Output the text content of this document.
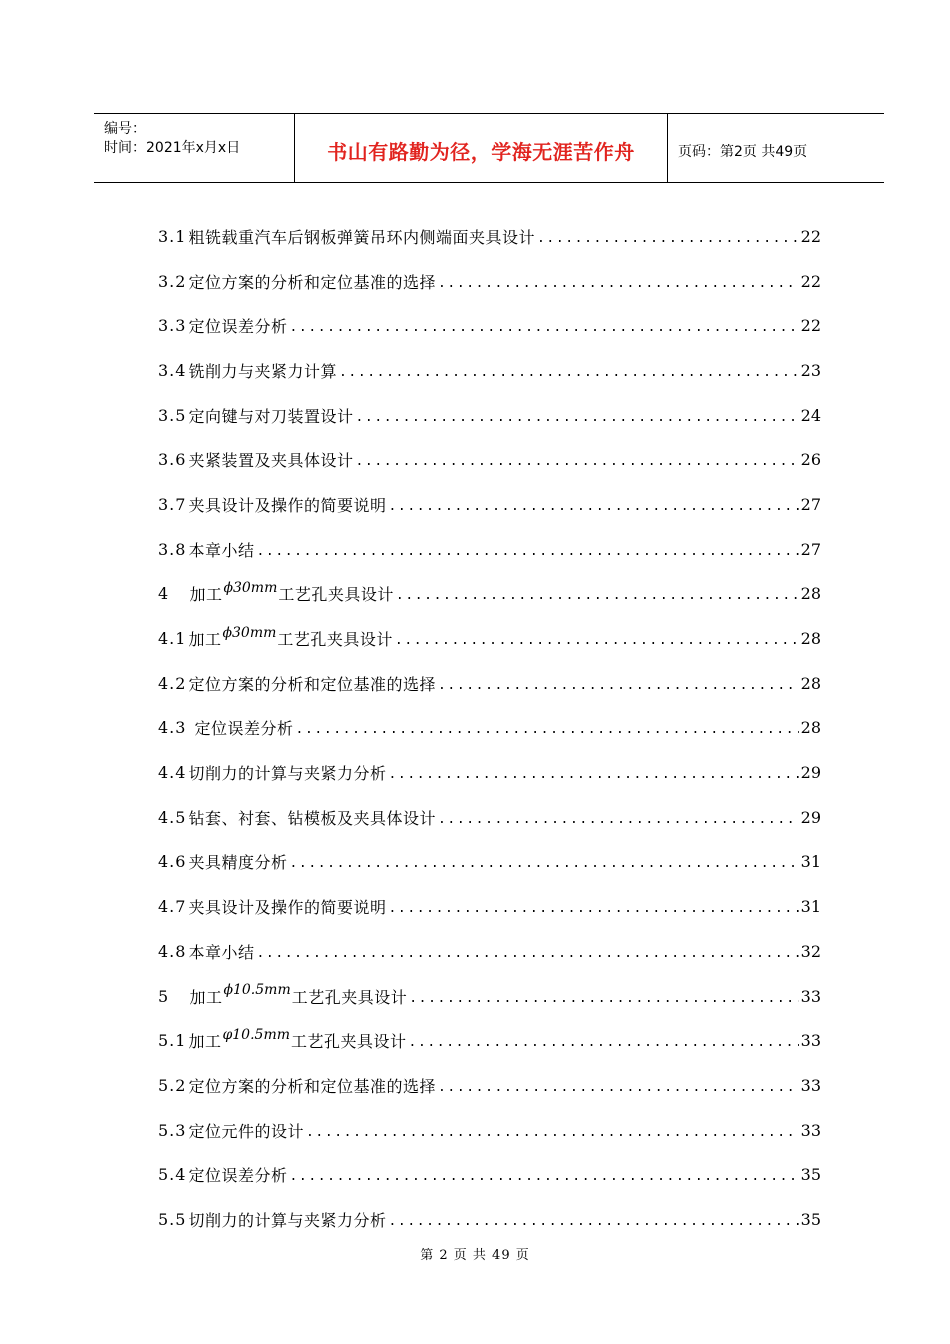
编号：
时间：2021年x月x日	书山有路勤为径，学海无涯苦作舟	页码：第2页 共49页
3.1 粗铣载重汽车后钢板弹簧吊环内侧端面夹具设计 .....	22
3.2 定位方案的分析和定位基准的选择 .....	22
3.3 定位误差分析 .....	22
3.4 铣削力与夹紧力计算 .....	23
3.5 定向键与对刀装置设计 .....	24
3.6 夹紧装置及夹具体设计 .....	26
3.7 夹具设计及操作的简要说明 .....	27
3.8 本章小结 .....	27
4 加工 ϕ30mm 工艺孔夹具设计 .....	28
4.1 加工 ϕ30mm 工艺孔夹具设计 .....	28
4.2 定位方案的分析和定位基准的选择 .....	28
4.3 定位误差分析 .....	28
4.4 切削力的计算与夹紧力分析 .....	29
4.5 钻套、衬套、钻模板及夹具体设计 .....	29
4.6 夹具精度分析 .....	31
4.7 夹具设计及操作的简要说明 .....	31
4.8 本章小结 .....	32
5 加工 ϕ10.5mm 工艺孔夹具设计 .....	33
5.1 加工 φ10.5mm 工艺孔夹具设计 .....	33
5.2 定位方案的分析和定位基准的选择 .....	33
5.3 定位元件的设计 .....	33
5.4 定位误差分析 .....	35
5.5 切削力的计算与夹紧力分析 .....	35
第 2 页 共 49 页
